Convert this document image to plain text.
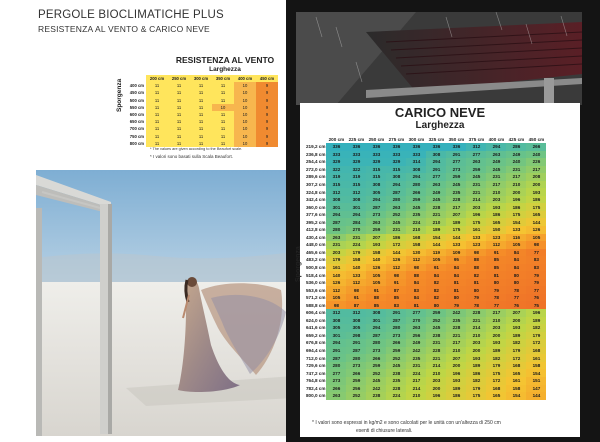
PERGOLE BIOCLIMATICHE PLUS
RESISTENZA AL VENTO & CARICO NEVE
RESISTENZA AL VENTO
Larghezza
Sporgenza
	200 cm	250 cm	300 cm	350 cm	400 cm	450 cm
400 cm	11	11	11	11	10	9
450 cm	11	11	11	11	10	9
500 cm	11	11	11	11	10	9
550 cm	11	11	11	10	10	9
600 cm	11	11	11	11	10	9
650 cm	11	11	11	11	10	9
700 cm	11	11	11	11	10	9
750 cm	11	11	11	11	10	9
800 cm	11	11	11	11	10	9
* The values are given according to the Beaufort scale.
* I valori sono basati sulla Scala Beaufort.
CARICO NEVE
Larghezza
Sporgenza
	200 cm	225 cm	250 cm	275 cm	300 cm	325 cm	350 cm	375 cm	400 cm	425 cm	450 cm
219,2 cm	336	336	336	336	336	336	336	312	294	286	266
236,8 cm	333	333	333	333	333	308	291	277	263	249	240
254,4 cm	329	329	329	329	314	294	277	263	249	240	226
272,0 cm	322	322	315	315	308	291	273	259	245	231	217
289,6 cm	319	319	315	308	294	277	259	245	231	217	208
307,2 cm	315	315	308	294	280	263	245	231	217	210	200
324,8 cm	312	312	305	287	266	249	235	221	210	200	193
342,4 cm	308	308	294	280	259	245	228	214	203	196	186
360,0 cm	301	301	287	263	245	228	217	203	193	186	175
377,6 cm	294	294	273	252	235	221	207	196	186	175	165
395,2 cm	287	284	263	245	224	210	189	175	165	154	144
412,8 cm	280	270	259	231	210	189	175	161	150	133	126
430,4 cm	263	231	207	186	168	154	144	133	123	116	105
448,0 cm	231	224	193	172	158	144	133	123	112	105	98
465,6 cm	203	179	158	144	130	119	109	98	91	84	77
483,2 cm	179	158	140	126	112	105	95	88	85	84	83
500,8 cm	161	140	126	112	98	91	84	88	85	84	83
518,4 cm	140	133	105	98	88	84	84	82	81	80	79
536,0 cm	126	112	105	91	84	82	81	81	80	80	79
553,6 cm	112	98	91	87	83	82	81	80	79	78	77
571,2 cm	105	91	88	85	84	82	80	79	78	77	76
588,8 cm	98	87	85	83	81	80	79	78	77	76	75
606,4 cm	312	312	308	291	277	259	242	228	217	207	196
624,0 cm	308	308	301	287	270	252	235	221	210	200	189
641,6 cm	305	305	294	280	263	245	228	214	203	193	182
659,2 cm	301	298	287	273	256	238	221	210	200	189	179
676,8 cm	294	291	280	266	249	231	217	203	193	182	172
694,4 cm	291	287	273	259	242	228	210	200	189	179	168
712,0 cm	287	280	266	252	235	221	207	193	182	172	161
729,6 cm	280	273	259	245	231	214	200	189	179	168	158
747,2 cm	277	266	252	238	224	210	196	186	175	165	154
764,8 cm	273	259	245	235	217	203	193	182	172	161	151
782,4 cm	266	256	242	228	214	200	189	179	168	158	147
800,0 cm	263	252	238	224	210	196	186	175	165	154	144
* I valori sono espressi in kg/m2 e sono calcolati per le unità con un'altezza di 250 cm
esenti di chiusure laterali.
